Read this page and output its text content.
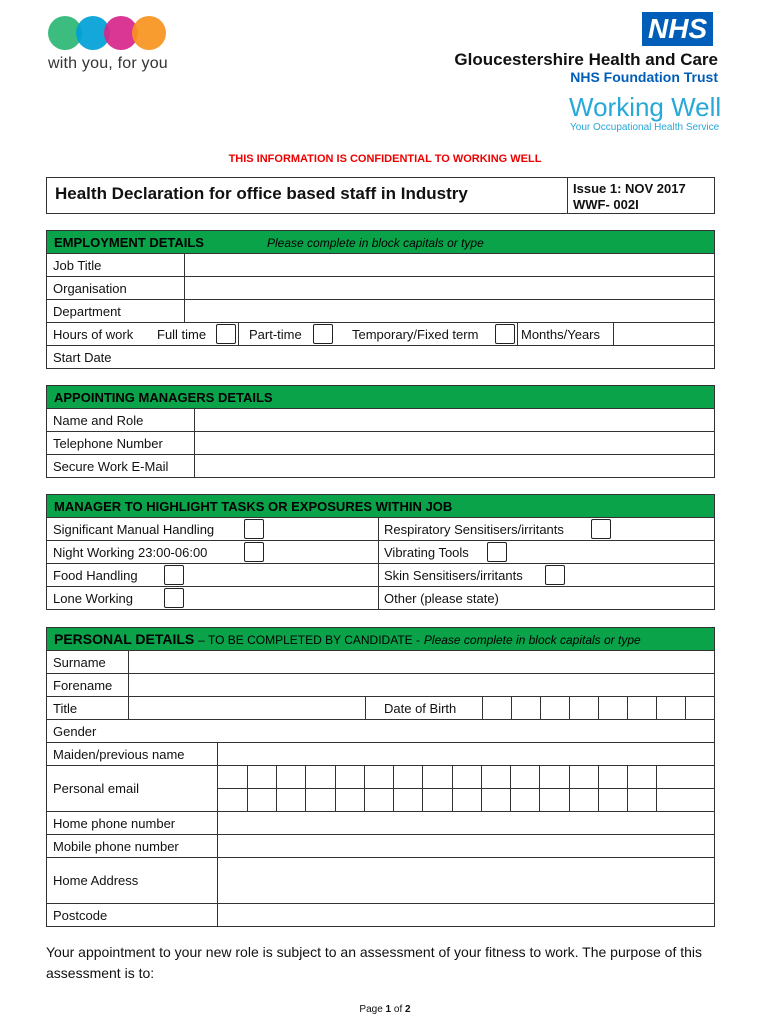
with you, for you
NHS
Gloucestershire Health and Care
NHS Foundation Trust
Working Well
Your Occupational Health Service
THIS INFORMATION IS CONFIDENTIAL TO WORKING WELL
Health Declaration for office based staff in Industry	Issue 1: NOV 2017
WWF- 002I
EMPLOYMENT DETAILS	Please complete in block capitals or type
Job Title
Organisation
Department
Hours of work Full time	Part-time	Temporary/Fixed term	Months/Years
Start Date
APPOINTING MANAGERS DETAILS
Name and Role
Telephone Number
Secure Work E-Mail
MANAGER TO HIGHLIGHT TASKS OR EXPOSURES WITHIN JOB
Significant Manual Handling	Respiratory Sensitisers/irritants
Night Working 23:00-06:00	Vibrating Tools
Food Handling	Skin Sensitisers/irritants
Lone Working	Other (please state)
PERSONAL DETAILS – TO BE COMPLETED BY CANDIDATE - Please complete in block capitals or type
Surname
Forename
Title	Date of Birth
Gender
Maiden/previous name
Personal email
Home phone number
Mobile phone number
Home Address
Postcode
Your appointment to your new role is subject to an assessment of your fitness to work. The purpose of this assessment is to:
Page 1 of 2
